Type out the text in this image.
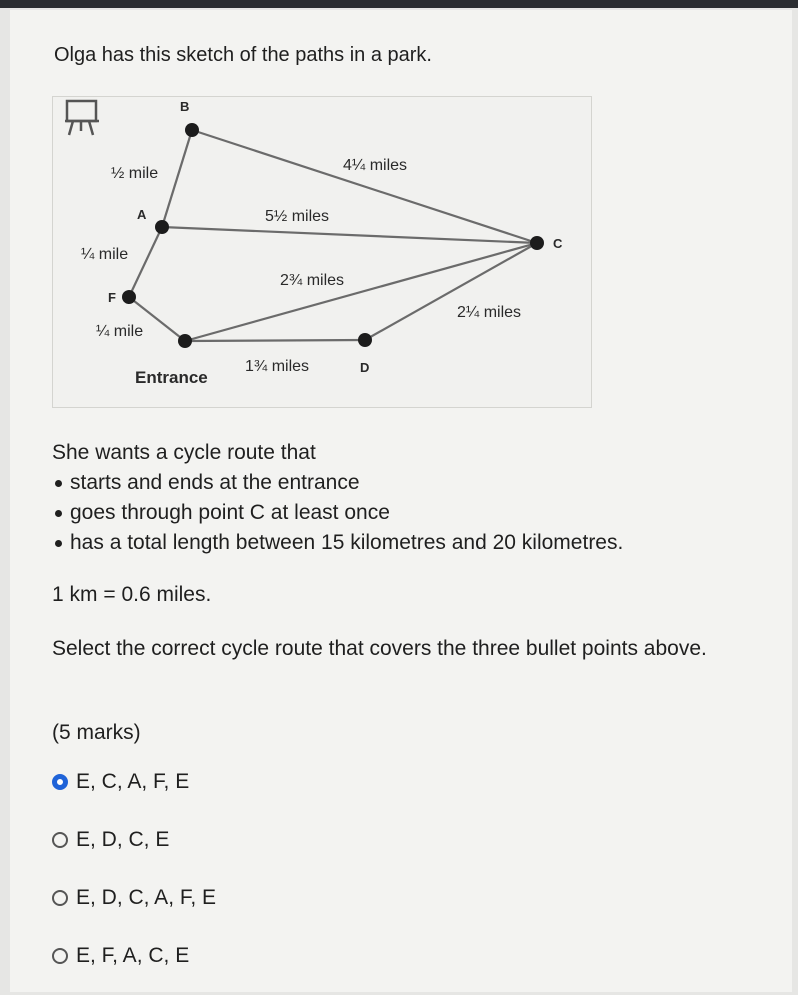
Olga has this sketch of the paths in a park.

B
A
C
F
D
Entrance
½ mile	4¼ miles
5½ miles
¼ mile
2¾ miles
2¼ miles
¼ mile
1¾ miles

She wants a cycle route that

starts and ends at the entrance
goes through point C at least once
has a total length between 15 kilometres and 20 kilometres.

1 km = 0.6 miles.

Select the correct cycle route that covers the three bullet points above.

(5 marks)

E, C, A, F, E
E, D, C, E
E, D, C, A, F, E
E, F, A, C, E
